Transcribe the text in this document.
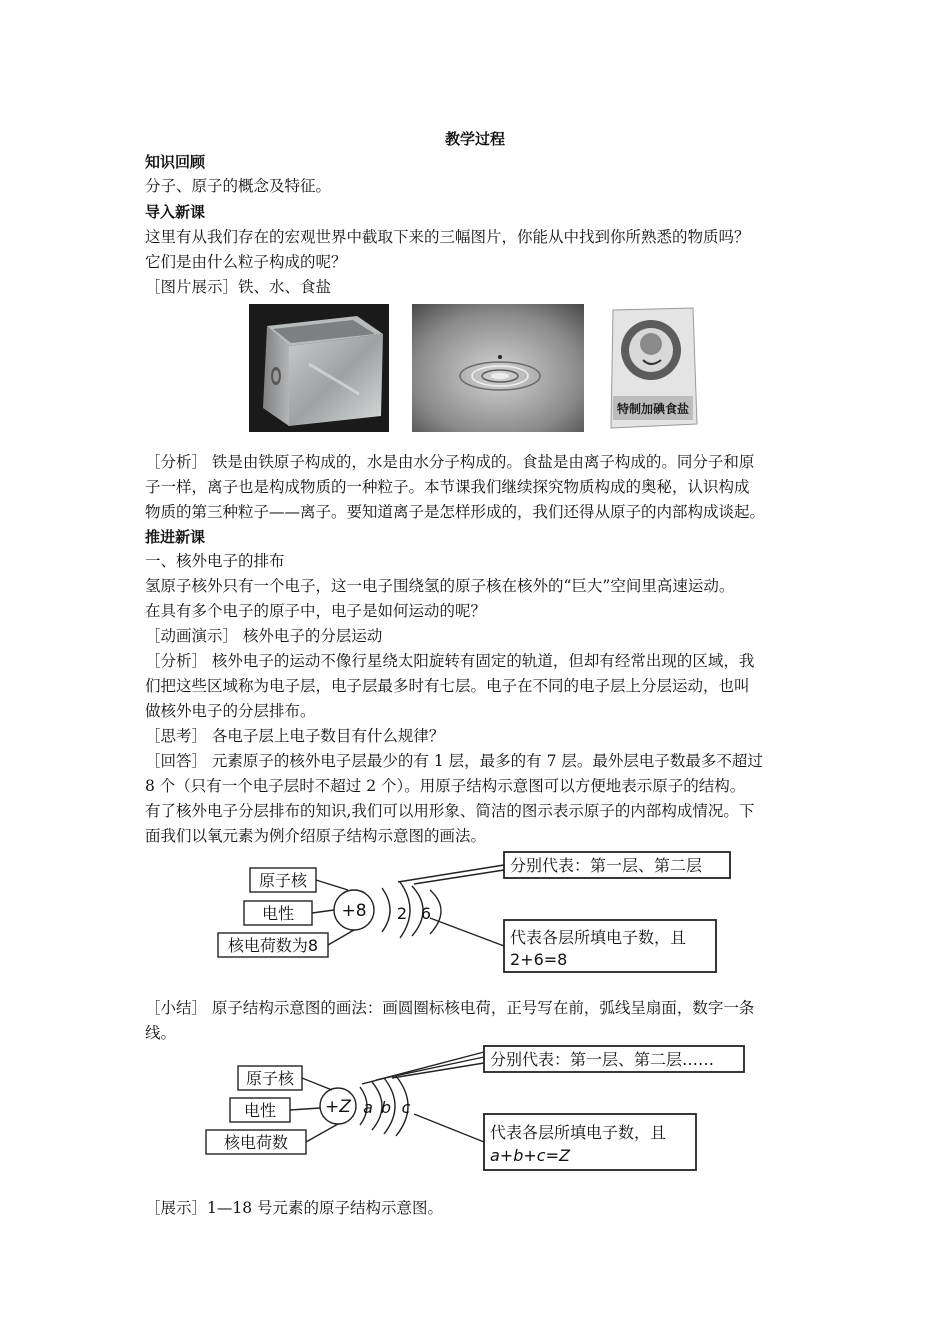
教学过程
知识回顾
分子、原子的概念及特征。
导入新课
这里有从我们存在的宏观世界中截取下来的三幅图片，你能从中找到你所熟悉的物质吗？
它们是由什么粒子构成的呢？
［图片展示］铁、水、食盐
特制加碘食盐
［分析］ 铁是由铁原子构成的，水是由水分子构成的。食盐是由离子构成的。同分子和原
子一样，离子也是构成物质的一种粒子。本节课我们继续探究物质构成的奥秘，认识构成
物质的第三种粒子——离子。要知道离子是怎样形成的，我们还得从原子的内部构成谈起。
推进新课
一、核外电子的排布
氢原子核外只有一个电子，这一电子围绕氢的原子核在核外的“巨大”空间里高速运动。
在具有多个电子的原子中，电子是如何运动的呢？
［动画演示］ 核外电子的分层运动
［分析］ 核外电子的运动不像行星绕太阳旋转有固定的轨道，但却有经常出现的区域，我
们把这些区域称为电子层，电子层最多时有七层。电子在不同的电子层上分层运动，也叫
做核外电子的分层排布。
［思考］ 各电子层上电子数目有什么规律？
［回答］ 元素原子的核外电子层最少的有 1 层，最多的有 7 层。最外层电子数最多不超过
8 个（只有一个电子层时不超过 2 个）。用原子结构示意图可以方便地表示原子的结构。
有了核外电子分层排布的知识,我们可以用形象、简洁的图示表示原子的内部构成情况。下
面我们以氧元素为例介绍原子结构示意图的画法。
原子核
电性
核电荷数为8
+8 2 6
分别代表：第一层、第二层
代表各层所填电子数，且
2+6=8
［小结］ 原子结构示意图的画法：画圆圈标核电荷，正号写在前，弧线呈扇面，数字一条
线。
原子核
电性
核电荷数
+Z a b c
分别代表：第一层、第二层……
代表各层所填电子数，且
a+b+c=Z
［展示］1—18 号元素的原子结构示意图。
